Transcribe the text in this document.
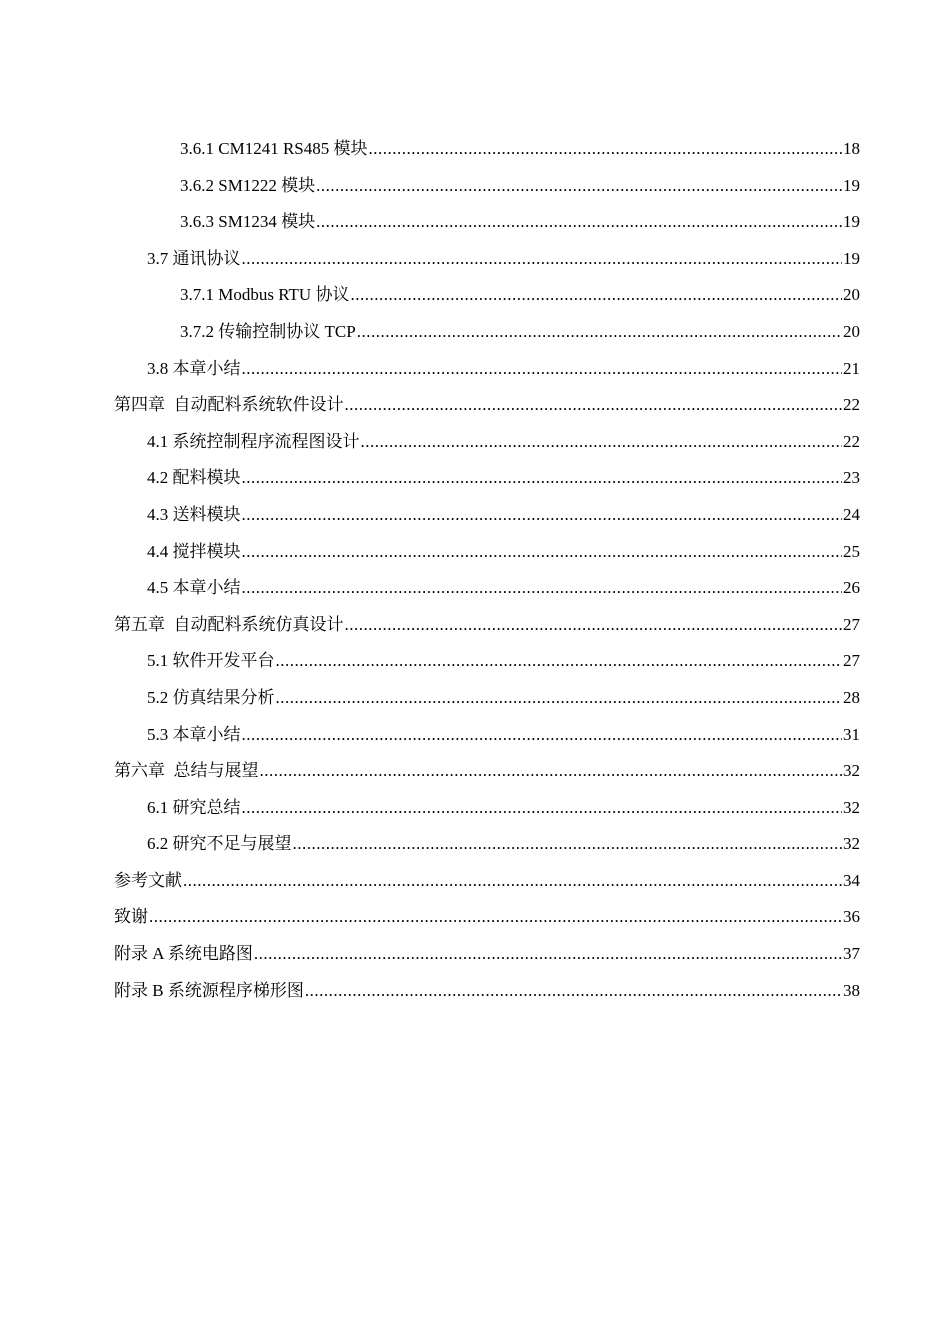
3.6.1 CM1241 RS485 模块 .....	18
3.6.2 SM1222 模块 .....	19
3.6.3 SM1234 模块 .....	19
3.7 通讯协议 .....	19
3.7.1 Modbus RTU 协议 .....	20
3.7.2 传输控制协议 TCP .....	20
3.8 本章小结 .....	21
第四章  自动配料系统软件设计 .....	22
4.1 系统控制程序流程图设计 .....	22
4.2 配料模块 .....	23
4.3 送料模块 .....	24
4.4 搅拌模块 .....	25
4.5 本章小结 .....	26
第五章  自动配料系统仿真设计 .....	27
5.1 软件开发平台 .....	27
5.2 仿真结果分析 .....	28
5.3 本章小结 .....	31
第六章  总结与展望 .....	32
6.1 研究总结 .....	32
6.2 研究不足与展望 .....	32
参考文献 .....	34
致谢 .....	36
附录 A 系统电路图 .....	37
附录 B 系统源程序梯形图 .....	38
